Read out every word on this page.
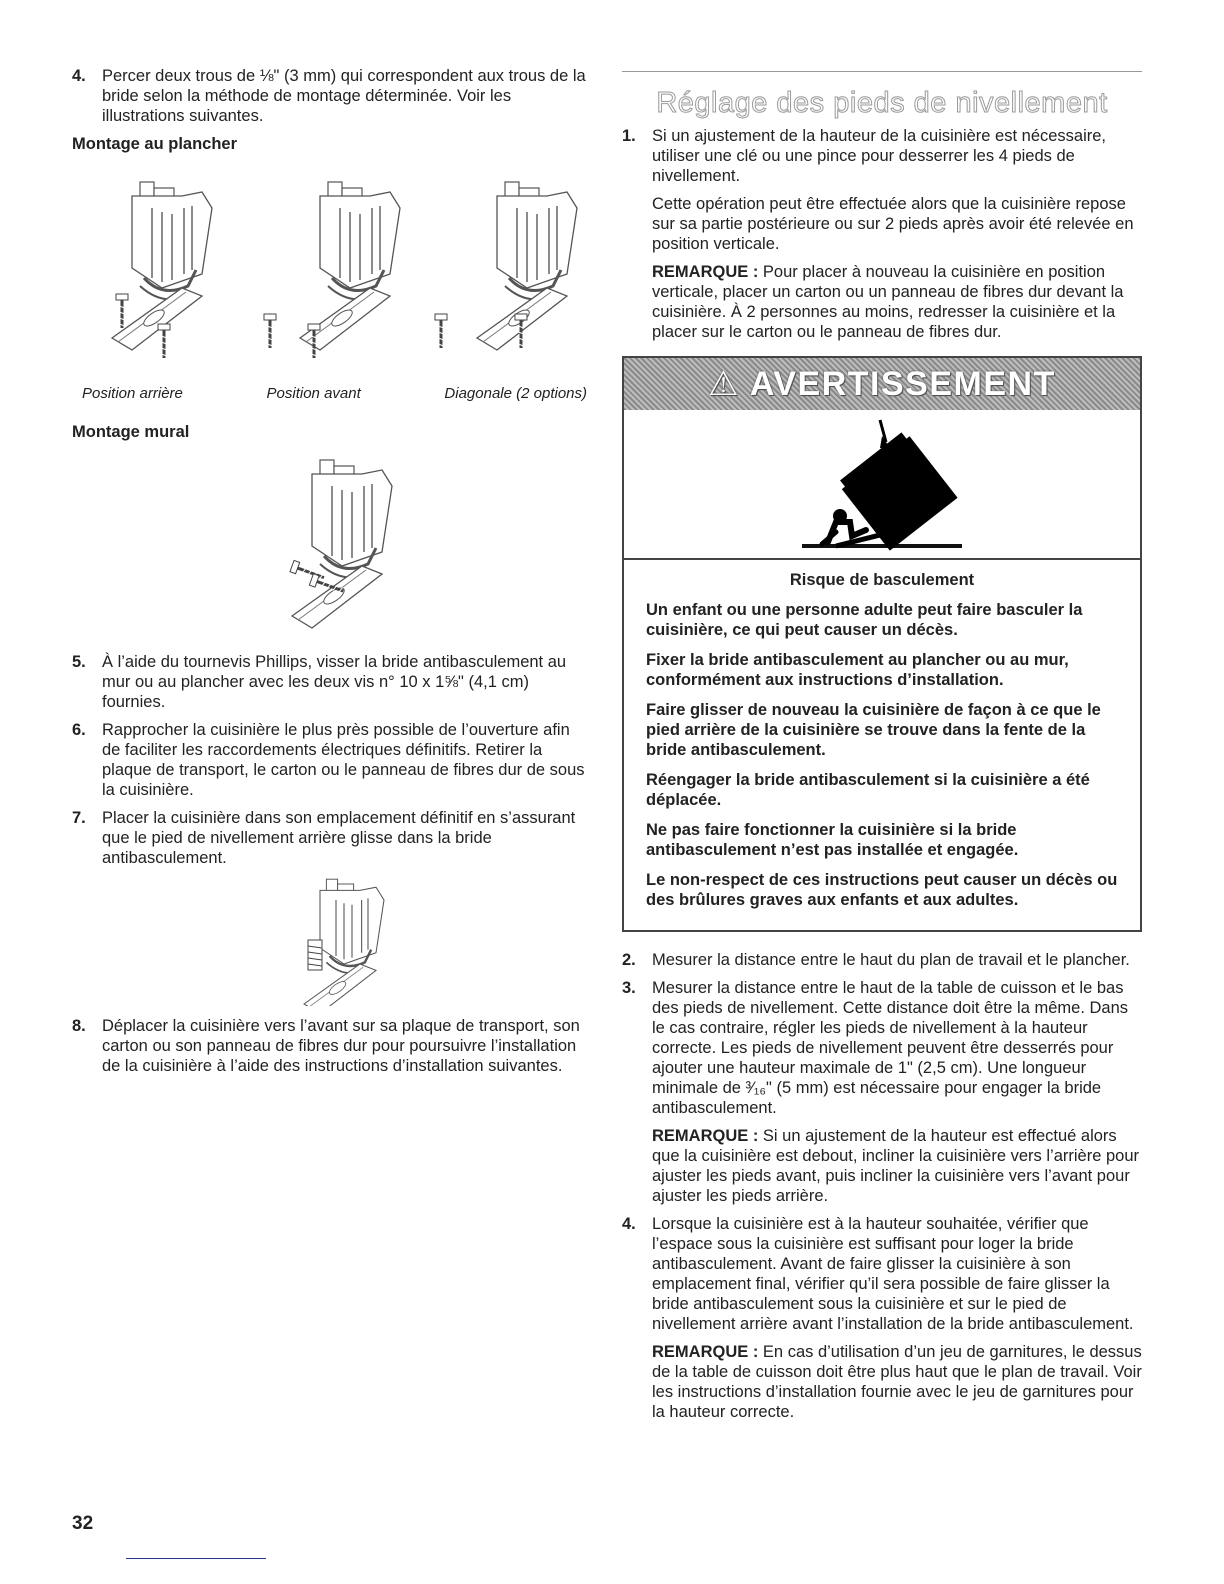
4. Percer deux trous de ⅛" (3 mm) qui correspondent aux trous de la bride selon la méthode de montage déterminée. Voir les illustrations suivantes.

Montage au plancher
Position arrière	Position avant	Diagonale (2 options)
Montage mural
5. À l’aide du tournevis Phillips, visser la bride antibasculement au mur ou au plancher avec les deux vis n° 10 x 1⅝" (4,1 cm) fournies.

6. Rapprocher la cuisinière le plus près possible de l’ouverture afin de faciliter les raccordements électriques définitifs. Retirer la plaque de transport, le carton ou le panneau de fibres dur de sous la cuisinière.

7. Placer la cuisinière dans son emplacement définitif en s’assurant que le pied de nivellement arrière glisse dans la bride antibasculement.

8. Déplacer la cuisinière vers l’avant sur sa plaque de transport, son carton ou son panneau de fibres dur pour poursuivre l’installation de la cuisinière à l’aide des instructions d’installation suivantes.

Réglage des pieds de nivellement
1. Si un ajustement de la hauteur de la cuisinière est nécessaire, utiliser une clé ou une pince pour desserrer les 4 pieds de nivellement.

Cette opération peut être effectuée alors que la cuisinière repose sur sa partie postérieure ou sur 2 pieds après avoir été relevée en position verticale.

REMARQUE : Pour placer à nouveau la cuisinière en position verticale, placer un carton ou un panneau de fibres dur devant la cuisinière. À 2 personnes au moins, redresser la cuisinière et la placer sur le carton ou le panneau de fibres dur.

⚠ AVERTISSEMENT
Risque de basculement

Un enfant ou une personne adulte peut faire basculer la cuisinière, ce qui peut causer un décès.

Fixer la bride antibasculement au plancher ou au mur, conformément aux instructions d’installation.

Faire glisser de nouveau la cuisinière de façon à ce que le pied arrière de la cuisinière se trouve dans la fente de la bride antibasculement.

Réengager la bride antibasculement si la cuisinière a été déplacée.

Ne pas faire fonctionner la cuisinière si la bride antibasculement n’est pas installée et engagée.

Le non-respect de ces instructions peut causer un décès ou des brûlures graves aux enfants et aux adultes.

2. Mesurer la distance entre le haut du plan de travail et le plancher.

3. Mesurer la distance entre le haut de la table de cuisson et le bas des pieds de nivellement. Cette distance doit être la même. Dans le cas contraire, régler les pieds de nivellement à la hauteur correcte. Les pieds de nivellement peuvent être desserrés pour ajouter une hauteur maximale de 1" (2,5 cm). Une longueur minimale de ³⁄₁₆" (5 mm) est nécessaire pour engager la bride antibasculement.

REMARQUE : Si un ajustement de la hauteur est effectué alors que la cuisinière est debout, incliner la cuisinière vers l’arrière pour ajuster les pieds avant, puis incliner la cuisinière vers l’avant pour ajuster les pieds arrière.

4. Lorsque la cuisinière est à la hauteur souhaitée, vérifier que l’espace sous la cuisinière est suffisant pour loger la bride antibasculement. Avant de faire glisser la cuisinière à son emplacement final, vérifier qu’il sera possible de faire glisser la bride antibasculement sous la cuisinière et sur le pied de nivellement arrière avant l’installation de la bride antibasculement.

REMARQUE : En cas d’utilisation d’un jeu de garnitures, le dessus de la table de cuisson doit être plus haut que le plan de travail. Voir les instructions d’installation fournie avec le jeu de garnitures pour la hauteur correcte.

32
